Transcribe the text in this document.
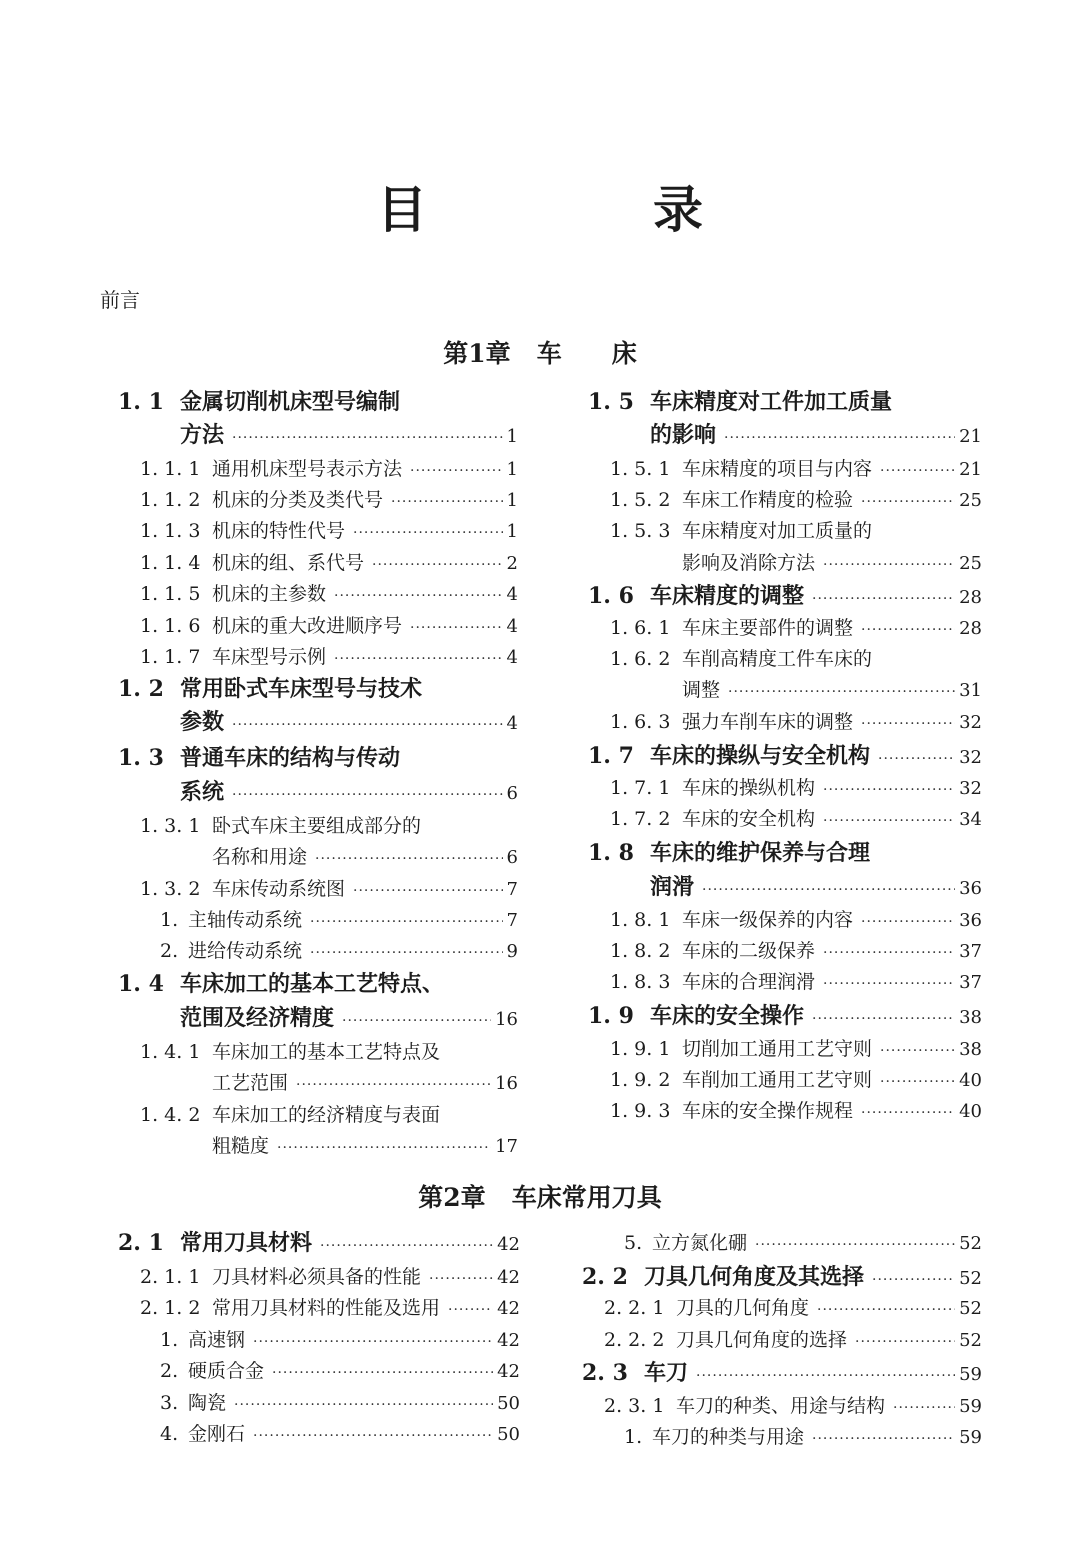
目　录
前言
第1章 车　　床
1. 1 金属切削机床型号编制
方法 ·····	1
1. 1. 1 通用机床型号表示方法 ·····	1
1. 1. 2 机床的分类及类代号 ·····	1
1. 1. 3 机床的特性代号 ·····	1
1. 1. 4 机床的组、系代号 ·····	2
1. 1. 5 机床的主参数 ·····	4
1. 1. 6 机床的重大改进顺序号 ·····	4
1. 1. 7 车床型号示例 ·····	4
1. 2 常用卧式车床型号与技术
参数 ·····	4
1. 3 普通车床的结构与传动
系统 ·····	6
1. 3. 1 卧式车床主要组成部分的
名称和用途 ·····	6
1. 3. 2 车床传动系统图 ·····	7
1. 主轴传动系统 ·····	7
2. 进给传动系统 ·····	9
1. 4 车床加工的基本工艺特点、
范围及经济精度 ·····	16
1. 4. 1 车床加工的基本工艺特点及
工艺范围 ·····	16
1. 4. 2 车床加工的经济精度与表面
粗糙度 ·····	17
1. 5 车床精度对工件加工质量
的影响 ·····	21
1. 5. 1 车床精度的项目与内容 ·····	21
1. 5. 2 车床工作精度的检验 ·····	25
1. 5. 3 车床精度对加工质量的
影响及消除方法 ·····	25
1. 6 车床精度的调整 ·····	28
1. 6. 1 车床主要部件的调整 ·····	28
1. 6. 2 车削高精度工件车床的
调整 ·····	31
1. 6. 3 强力车削车床的调整 ·····	32
1. 7 车床的操纵与安全机构 ·····	32
1. 7. 1 车床的操纵机构 ·····	32
1. 7. 2 车床的安全机构 ·····	34
1. 8 车床的维护保养与合理
润滑 ·····	36
1. 8. 1 车床一级保养的内容 ·····	36
1. 8. 2 车床的二级保养 ·····	37
1. 8. 3 车床的合理润滑 ·····	37
1. 9 车床的安全操作 ·····	38
1. 9. 1 切削加工通用工艺守则 ·····	38
1. 9. 2 车削加工通用工艺守则 ·····	40
1. 9. 3 车床的安全操作规程 ·····	40
第2章 车床常用刀具
2. 1 常用刀具材料 ·····	42
2. 1. 1 刀具材料必须具备的性能 ·····	42
2. 1. 2 常用刀具材料的性能及选用 ·····	42
1. 高速钢 ·····	42
2. 硬质合金 ·····	42
3. 陶瓷 ·····	50
4. 金刚石 ·····	50
5. 立方氮化硼 ·····	52
2. 2 刀具几何角度及其选择 ·····	52
2. 2. 1 刀具的几何角度 ·····	52
2. 2. 2 刀具几何角度的选择 ·····	52
2. 3 车刀 ·····	59
2. 3. 1 车刀的种类、用途与结构 ·····	59
1. 车刀的种类与用途 ·····	59
